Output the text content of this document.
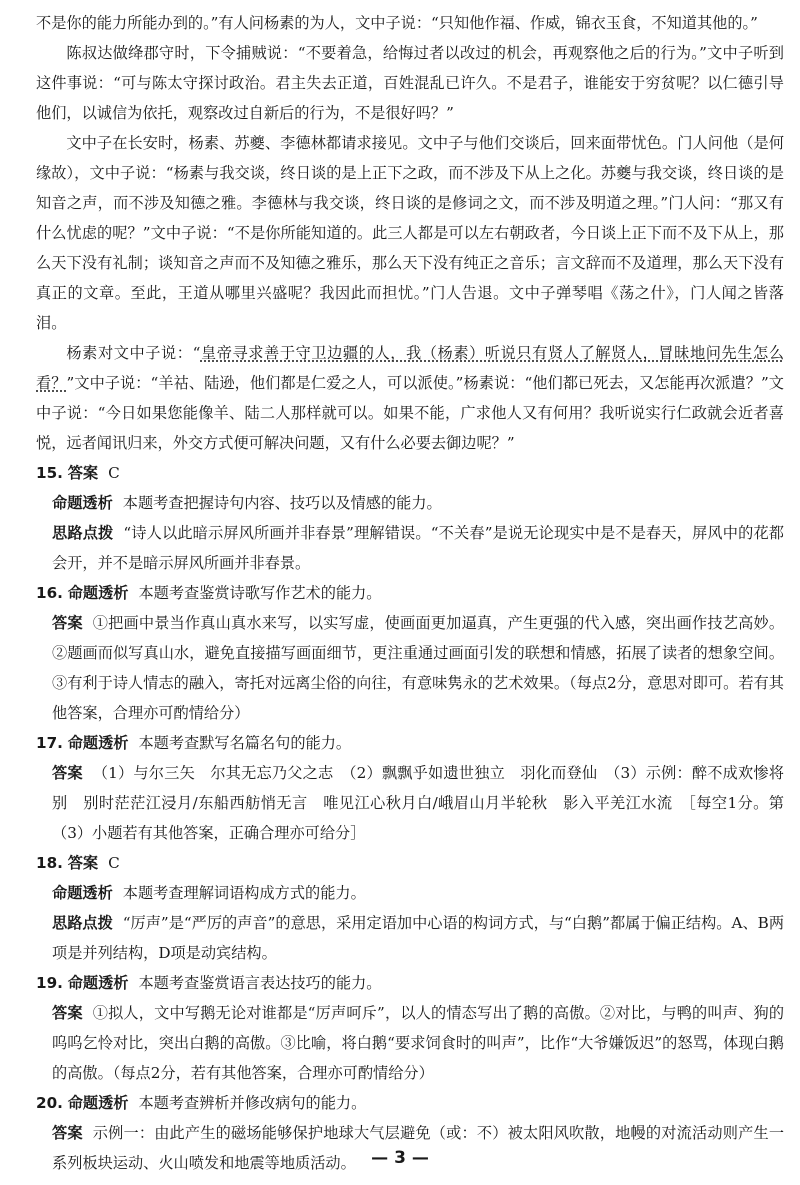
不是你的能力所能办到的。”有人问杨素的为人，文中子说：“只知他作福、作威，锦衣玉食，不知道其他的。”

陈叔达做绛郡守时，下令捕贼说：“不要着急，给悔过者以改过的机会，再观察他之后的行为。”文中子听到这件事说：“可与陈太守探讨政治。君主失去正道，百姓混乱已许久。不是君子，谁能安于穷贫呢？以仁德引导他们，以诚信为依托，观察改过自新后的行为，不是很好吗？”

文中子在长安时，杨素、苏夔、李德林都请求接见。文中子与他们交谈后，回来面带忧色。门人问他（是何缘故），文中子说：“杨素与我交谈，终日谈的是上正下之政，而不涉及下从上之化。苏夔与我交谈，终日谈的是知音之声，而不涉及知德之雅。李德林与我交谈，终日谈的是修词之文，而不涉及明道之理。”门人问：“那又有什么忧虑的呢？”文中子说：“不是你所能知道的。此三人都是可以左右朝政者，今日谈上正下而不及下从上，那么天下没有礼制；谈知音之声而不及知德之雅乐，那么天下没有纯正之音乐；言文辞而不及道理，那么天下没有真正的文章。至此，王道从哪里兴盛呢？我因此而担忧。”门人告退。文中子弹琴唱《荡之什》，门人闻之皆落泪。

杨素对文中子说：“皇帝寻求善于守卫边疆的人，我（杨素）听说只有贤人了解贤人，冒昧地问先生怎么看？”文中子说：“羊祜、陆逊，他们都是仁爱之人，可以派使。”杨素说：“他们都已死去，又怎能再次派遣？”文中子说：“今日如果您能像羊、陆二人那样就可以。如果不能，广求他人又有何用？我听说实行仁政就会近者喜悦，远者闻讯归来，外交方式便可解决问题，又有什么必要去御边呢？”

15. 答案 C
命题透析 本题考查把握诗句内容、技巧以及情感的能力。
思路点拨 “诗人以此暗示屏风所画并非春景”理解错误。“不关春”是说无论现实中是不是春天，屏风中的花都会开，并不是暗示屏风所画并非春景。
16. 命题透析 本题考查鉴赏诗歌写作艺术的能力。
答案 ①把画中景当作真山真水来写，以实写虚，使画面更加逼真，产生更强的代入感，突出画作技艺高妙。②题画而似写真山水，避免直接描写画面细节，更注重通过画面引发的联想和情感，拓展了读者的想象空间。③有利于诗人情志的融入，寄托对远离尘俗的向往，有意味隽永的艺术效果。（每点2分，意思对即可。若有其他答案，合理亦可酌情给分）
17. 命题透析 本题考查默写名篇名句的能力。
答案 （1）与尔三矢　尔其无忘乃父之志　（2）飘飘乎如遗世独立　羽化而登仙　（3）示例：醉不成欢惨将别　别时茫茫江浸月/东船西舫悄无言　唯见江心秋月白/峨眉山月半轮秋　影入平羌江水流　［每空1分。第（3）小题若有其他答案，正确合理亦可给分］
18. 答案 C
命题透析 本题考查理解词语构成方式的能力。
思路点拨 “厉声”是“严厉的声音”的意思，采用定语加中心语的构词方式，与“白鹅”都属于偏正结构。A、B两项是并列结构，D项是动宾结构。
19. 命题透析 本题考查鉴赏语言表达技巧的能力。
答案 ①拟人，文中写鹅无论对谁都是“厉声呵斥”，以人的情态写出了鹅的高傲。②对比，与鸭的叫声、狗的呜呜乞怜对比，突出白鹅的高傲。③比喻，将白鹅“要求饲食时的叫声”，比作“大爷嫌饭迟”的怒骂，体现白鹅的高傲。（每点2分，若有其他答案，合理亦可酌情给分）
20. 命题透析 本题考查辨析并修改病句的能力。
答案 示例一：由此产生的磁场能够保护地球大气层避免（或：不）被太阳风吹散，地幔的对流活动则产生一系列板块运动、火山喷发和地震等地质活动。 — 3 —
